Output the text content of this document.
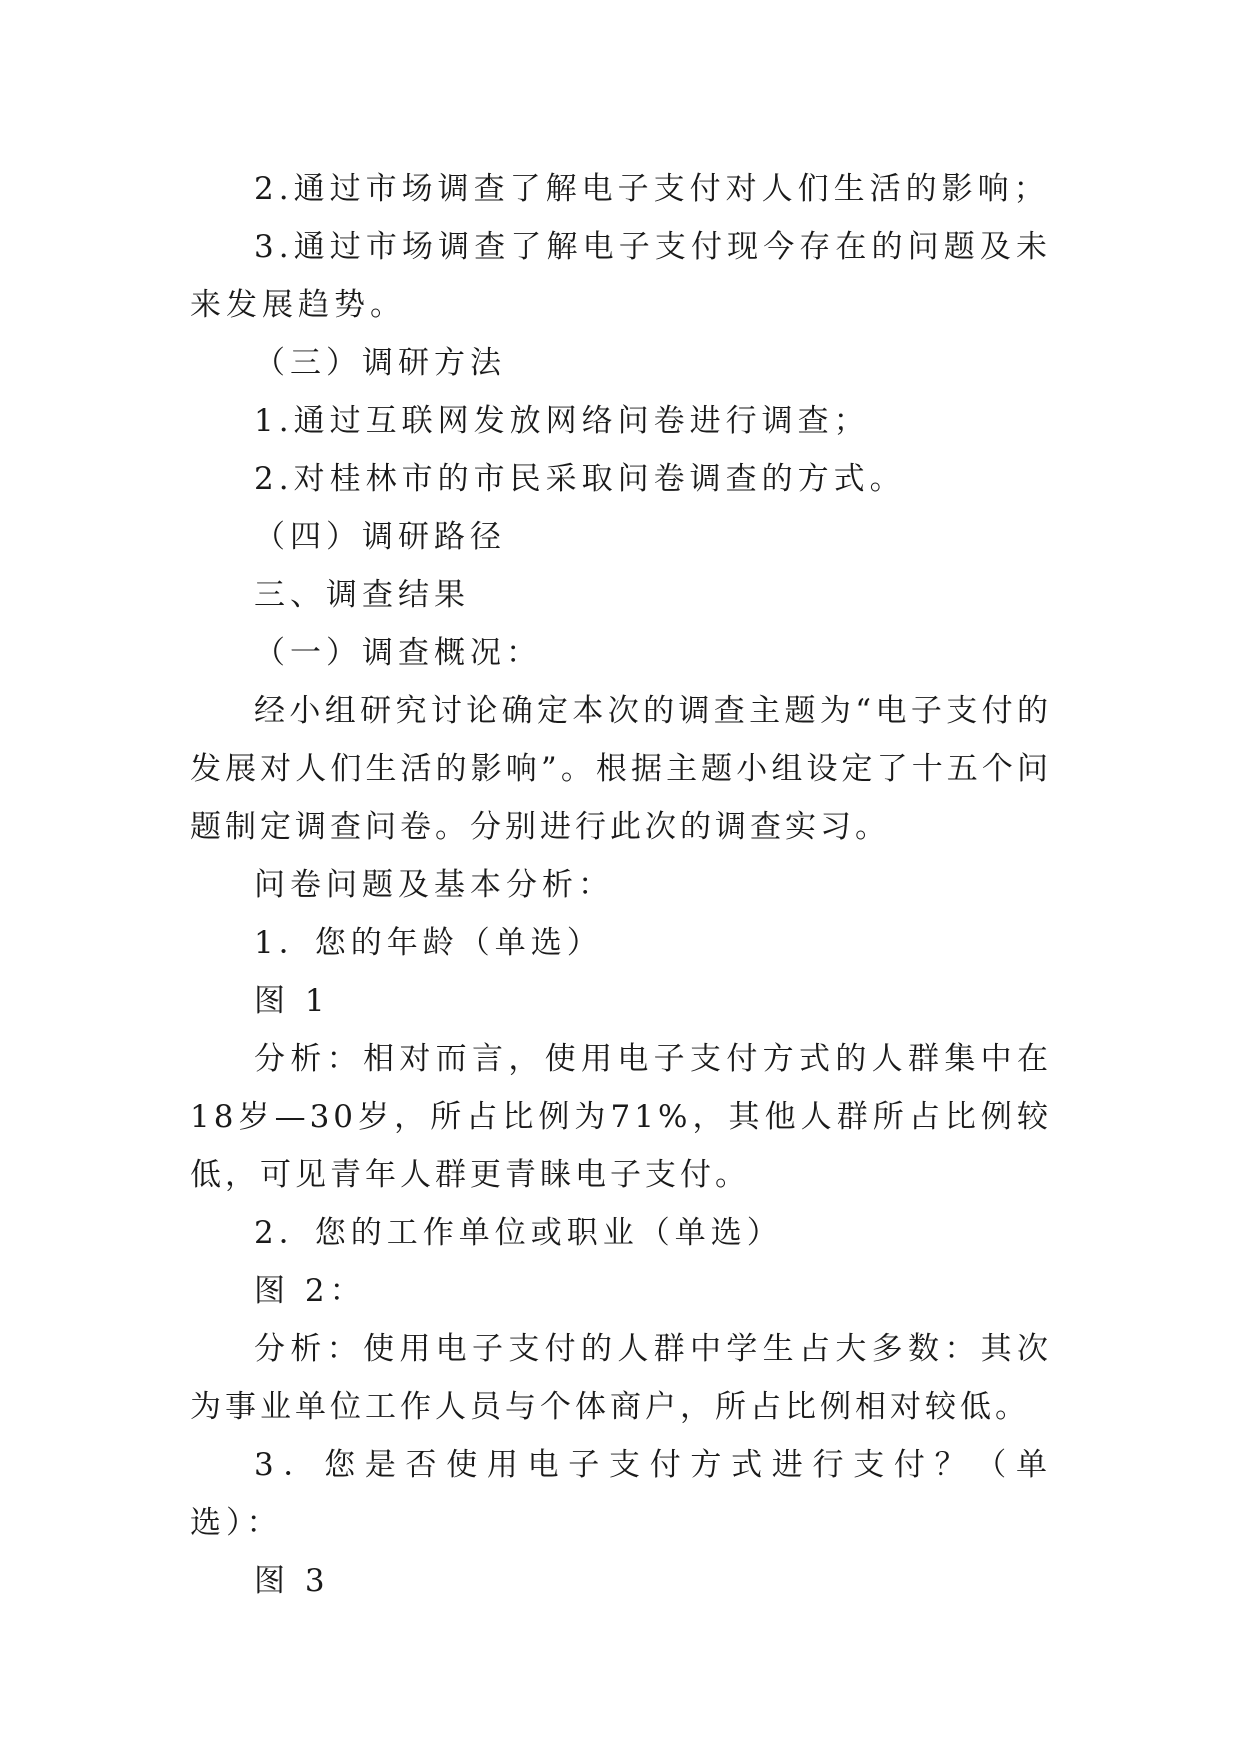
2.通过市场调查了解电子支付对人们生活的影响；

3.通过市场调查了解电子支付现今存在的问题及未来发展趋势。

（三）调研方法

1.通过互联网发放网络问卷进行调查；

2.对桂林市的市民采取问卷调查的方式。

（四）调研路径

三、调查结果

（一）调查概况：

经小组研究讨论确定本次的调查主题为“电子支付的发展对人们生活的影响”。根据主题小组设定了十五个问题制定调查问卷。分别进行此次的调查实习。

问卷问题及基本分析：

1．您的年龄（单选）

图 1

分析：相对而言，使用电子支付方式的人群集中在18岁—30岁，所占比例为71%，其他人群所占比例较低，可见青年人群更青睐电子支付。

2．您的工作单位或职业（单选）

图 2：

分析：使用电子支付的人群中学生占大多数：其次为事业单位工作人员与个体商户，所占比例相对较低。

3．您是否使用电子支付方式进行支付？（单选）：

图 3
